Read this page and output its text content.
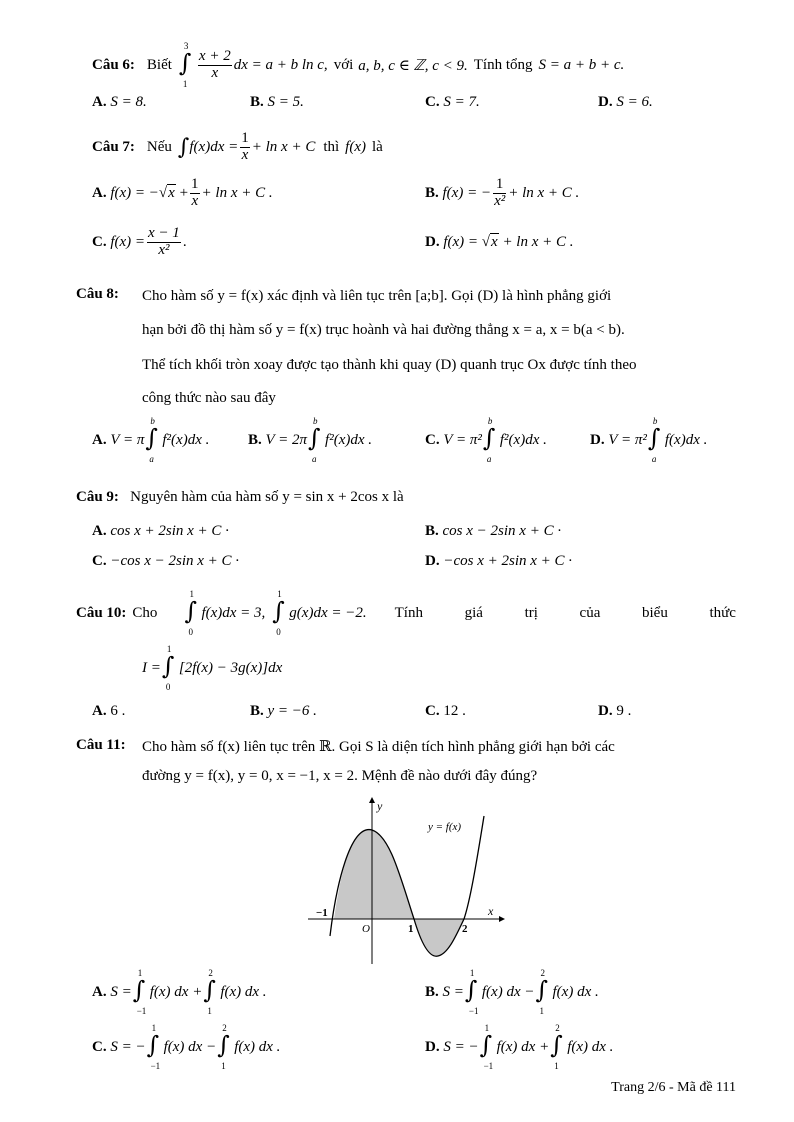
Câu 6: Biết ∫
3
1
$\frac{x + 2}{x}$ dx = a + b ln c, với a, b, c ∈ ℤ, c < 9. Tính tổng S = a + b + c.
A. S = 8.	B. S = 5.	C. S = 7.	D. S = 6.
Câu 7: Nếu ∫ $f(x)dx = \frac{1}{x} + \ln x + C$ thì f(x) là
A.
f(x) = − √ x
+ $\frac{1}{x} + \ln x + C$ .	B.
f(x) = − $\frac{1}{\text{x²}} + \ln x + C$ .
C.
$f(x) = \frac{x - 1}{\text{x²}}$ .	D.
f(x) =
√ x
+ ln x + C .
Câu 8: Cho hàm số y = f(x) xác định và liên tục trên [a;b]. Gọi (D) là hình phẳng giới
hạn bởi đồ thị hàm số y = f(x) trục hoành và hai đường thẳng x = a, x = b(a < b).
Thể tích khối tròn xoay được tạo thành khi quay (D) quanh trục Ox được tính theo
công thức nào sau đây
A.
V = π ∫
b
a
f²(x)dx .	B.
V = 2π ∫
b
a
f²(x)dx .	C.
V = π² ∫
b
a
f²(x)dx .	D.
V = π² ∫
b
a
f(x)dx .
Câu 9: Nguyên hàm của hàm số y = sin x + 2cos x là
A. cos x + 2sin x + C ·	B. cos x − 2sin x + C ·
C. −cos x − 2sin x + C ·	D. −cos x + 2sin x + C ·
Câu 10: Cho ∫
1
0
f(x)dx = 3, ∫
1
0
g(x)dx = −2. Tính	giá	trị	của	biểu	thức
I = ∫
1
0
[2f(x) − 3g(x)]dx
A. 6 .	B. y = −6 .	C. 12 .	D. 9 .
Câu 11: Cho hàm số f(x) liên tục trên ℝ. Gọi S là diện tích hình phẳng giới hạn bởi các
đường y = f(x), y = 0, x = −1, x = 2. Mệnh đề nào dưới đây đúng?
y
x
y = f(x)
−1
O	1	2
A.
S = ∫
1
−1
f(x) dx + ∫
2
1
f(x) dx .	B.
S = ∫
1
−1
f(x) dx − ∫
2
1
f(x) dx .
C.
S = − ∫
1
−1
f(x) dx − ∫
2
1
f(x) dx .	D.
S = − ∫
1
−1
f(x) dx + ∫
2
1
f(x) dx .
Trang 2/6 - Mã đề 111
